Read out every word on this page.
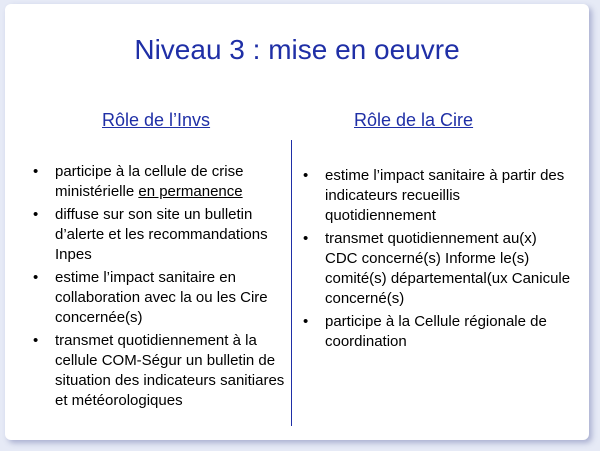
Niveau 3 : mise en oeuvre
Rôle de l’Invs	Rôle de la Cire
• participe à la cellule de crise ministérielle en permanence
• diffuse sur son site un bulletin d’alerte et les recommandations Inpes
• estime l’impact sanitaire en collaboration avec la ou les Cire concernée(s)
• transmet quotidiennement à la cellule COM-Ségur un bulletin de situation des indicateurs sanitiares et météorologiques
• estime l’impact sanitaire à partir des indicateurs recueillis quotidiennement
• transmet quotidiennement au(x) CDC concerné(s) Informe le(s) comité(s) départemental(ux Canicule concerné(s)
• participe à la Cellule régionale de coordination
